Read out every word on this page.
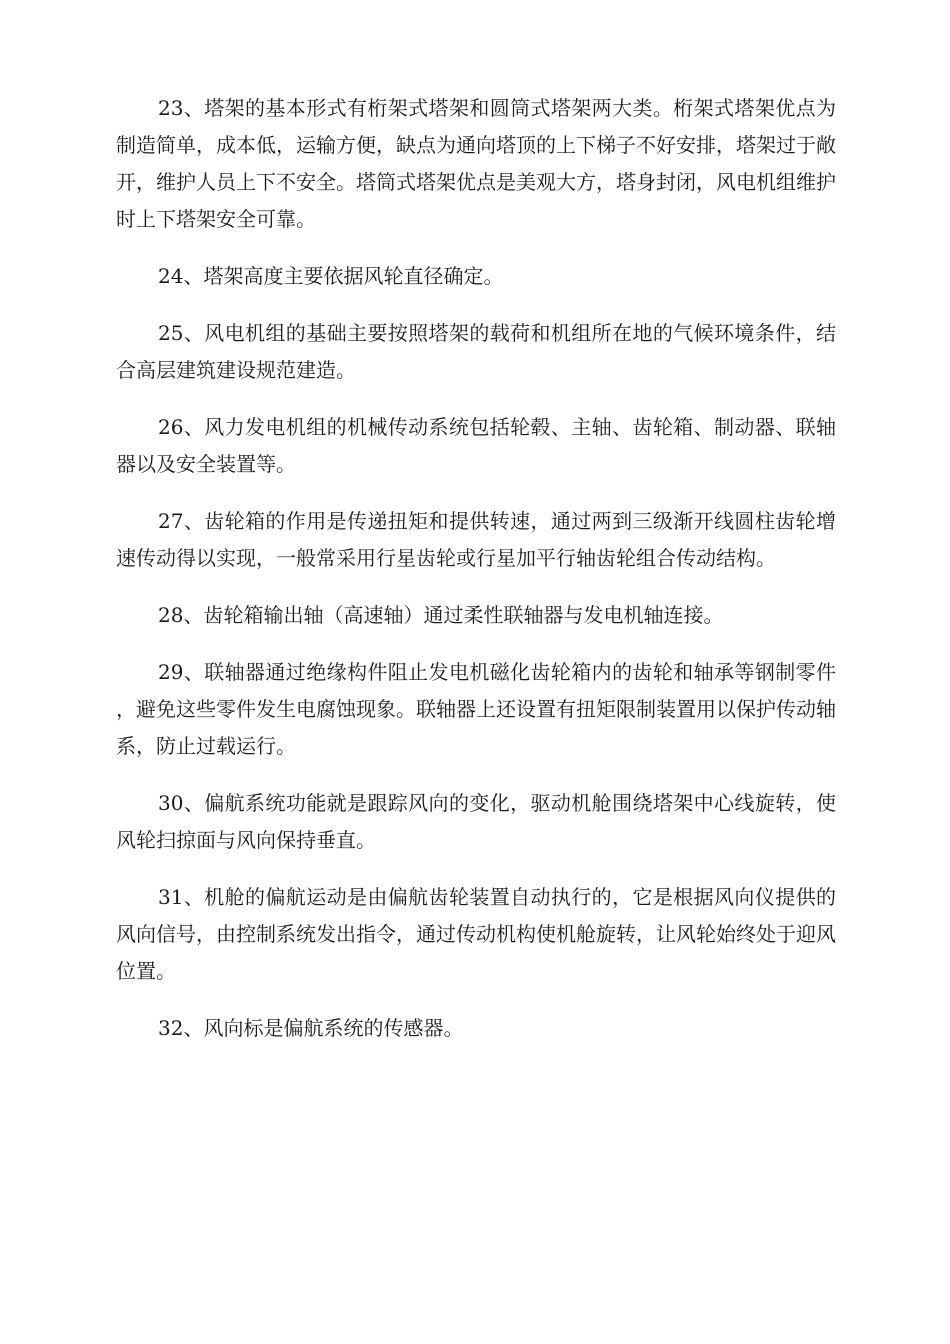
23、塔架的基本形式有桁架式塔架和圆筒式塔架两大类。桁架式塔架优点为制造简单，成本低，运输方便，缺点为通向塔顶的上下梯子不好安排，塔架过于敞开，维护人员上下不安全。塔筒式塔架优点是美观大方，塔身封闭，风电机组维护时上下塔架安全可靠。

24、塔架高度主要依据风轮直径确定。

25、风电机组的基础主要按照塔架的载荷和机组所在地的气候环境条件，结合高层建筑建设规范建造。

26、风力发电机组的机械传动系统包括轮毂、主轴、齿轮箱、制动器、联轴器以及安全装置等。

27、齿轮箱的作用是传递扭矩和提供转速，通过两到三级渐开线圆柱齿轮增速传动得以实现，一般常采用行星齿轮或行星加平行轴齿轮组合传动结构。

28、齿轮箱输出轴（高速轴）通过柔性联轴器与发电机轴连接。

29、联轴器通过绝缘构件阻止发电机磁化齿轮箱内的齿轮和轴承等钢制零件，避免这些零件发生电腐蚀现象。联轴器上还设置有扭矩限制装置用以保护传动轴系，防止过载运行。

30、偏航系统功能就是跟踪风向的变化，驱动机舱围绕塔架中心线旋转，使风轮扫掠面与风向保持垂直。

31、机舱的偏航运动是由偏航齿轮装置自动执行的，它是根据风向仪提供的风向信号，由控制系统发出指令，通过传动机构使机舱旋转，让风轮始终处于迎风位置。

32、风向标是偏航系统的传感器。
